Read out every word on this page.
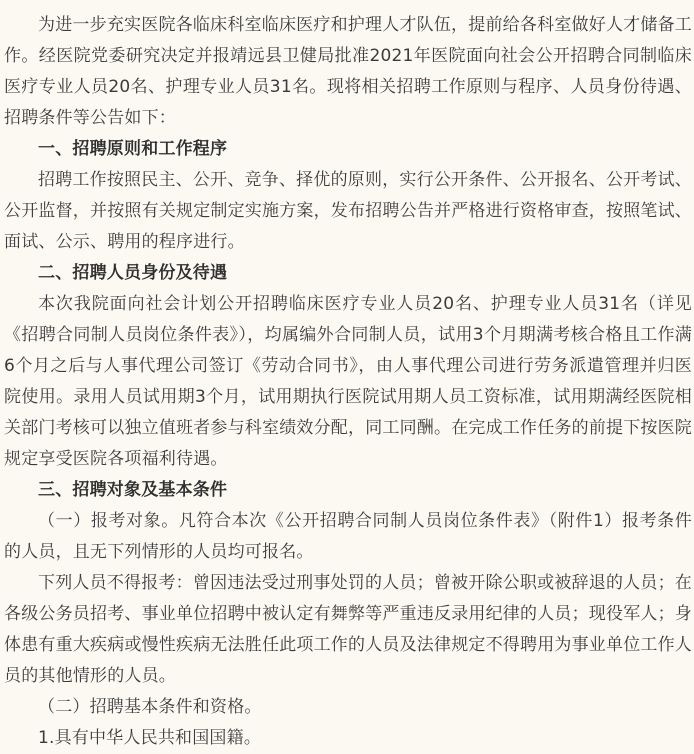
为进一步充实医院各临床科室临床医疗和护理人才队伍，提前给各科室做好人才储备工作。经医院党委研究决定并报靖远县卫健局批准2021年医院面向社会公开招聘合同制临床医疗专业人员20名、护理专业人员31名。现将相关招聘工作原则与程序、人员身份待遇、招聘条件等公告如下：

一、招聘原则和工作程序

招聘工作按照民主、公开、竞争、择优的原则，实行公开条件、公开报名、公开考试、公开监督，并按照有关规定制定实施方案，发布招聘公告并严格进行资格审查，按照笔试、面试、公示、聘用的程序进行。

二、招聘人员身份及待遇

本次我院面向社会计划公开招聘临床医疗专业人员20名、护理专业人员31名（详见《招聘合同制人员岗位条件表》），均属编外合同制人员，试用3个月期满考核合格且工作满6个月之后与人事代理公司签订《劳动合同书》，由人事代理公司进行劳务派遣管理并归医院使用。录用人员试用期3个月，试用期执行医院试用期人员工资标准，试用期满经医院相关部门考核可以独立值班者参与科室绩效分配，同工同酬。在完成工作任务的前提下按医院规定享受医院各项福利待遇。

三、招聘对象及基本条件

（一）报考对象。凡符合本次《公开招聘合同制人员岗位条件表》（附件1）报考条件的人员，且无下列情形的人员均可报名。

下列人员不得报考：曾因违法受过刑事处罚的人员；曾被开除公职或被辞退的人员；在各级公务员招考、事业单位招聘中被认定有舞弊等严重违反录用纪律的人员；现役军人；身体患有重大疾病或慢性疾病无法胜任此项工作的人员及法律规定不得聘用为事业单位工作人员的其他情形的人员。

（二）招聘基本条件和资格。

1.具有中华人民共和国国籍。
